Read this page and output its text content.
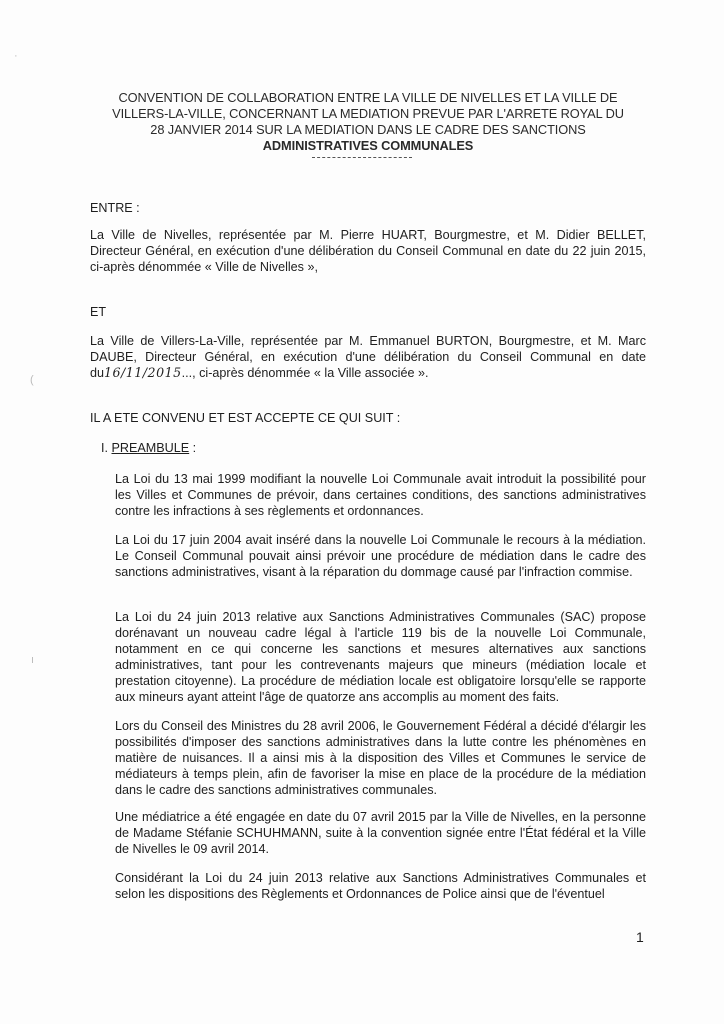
·
(
ı
CONVENTION DE COLLABORATION ENTRE LA VILLE DE NIVELLES ET LA VILLE DE
VILLERS-LA-VILLE, CONCERNANT LA MEDIATION PREVUE PAR L'ARRETE ROYAL DU
28 JANVIER 2014 SUR LA MEDIATION DANS LE CADRE DES SANCTIONS
ADMINISTRATIVES COMMUNALES
ENTRE :
La Ville de Nivelles, représentée par M. Pierre HUART, Bourgmestre, et M. Didier BELLET, Directeur Général, en exécution d'une délibération du Conseil Communal en date du 22 juin 2015, ci-après dénommée « Ville de Nivelles »,
ET
La Ville de Villers-La-Ville, représentée par M. Emmanuel BURTON, Bourgmestre, et M. Marc DAUBE, Directeur Général, en exécution d'une délibération du Conseil Communal en date du16/11/2015..., ci-après dénommée « la Ville associée ».
IL A ETE CONVENU ET EST ACCEPTE CE QUI SUIT :
I. PREAMBULE :
La Loi du 13 mai 1999 modifiant la nouvelle Loi Communale avait introduit la possibilité pour les Villes et Communes de prévoir, dans certaines conditions, des sanctions administratives contre les infractions à ses règlements et ordonnances.
La Loi du 17 juin 2004 avait inséré dans la nouvelle Loi Communale le recours à la médiation. Le Conseil Communal pouvait ainsi prévoir une procédure de médiation dans le cadre des sanctions administratives, visant à la réparation du dommage causé par l'infraction commise.
La Loi du 24 juin 2013 relative aux Sanctions Administratives Communales (SAC) propose dorénavant un nouveau cadre légal à l'article 119 bis de la nouvelle Loi Communale, notamment en ce qui concerne les sanctions et mesures alternatives aux sanctions administratives, tant pour les contrevenants majeurs que mineurs (médiation locale et prestation citoyenne). La procédure de médiation locale est obligatoire lorsqu'elle se rapporte aux mineurs ayant atteint l'âge de quatorze ans accomplis au moment des faits.
Lors du Conseil des Ministres du 28 avril 2006, le Gouvernement Fédéral a décidé d'élargir les possibilités d'imposer des sanctions administratives dans la lutte contre les phénomènes en matière de nuisances. Il a ainsi mis à la disposition des Villes et Communes le service de médiateurs à temps plein, afin de favoriser la mise en place de la procédure de la médiation dans le cadre des sanctions administratives communales.
Une médiatrice a été engagée en date du 07 avril 2015 par la Ville de Nivelles, en la personne de Madame Stéfanie SCHUHMANN, suite à la convention signée entre l'État fédéral et la Ville de Nivelles le 09 avril 2014.
Considérant la Loi du 24 juin 2013 relative aux Sanctions Administratives Communales et selon les dispositions des Règlements et Ordonnances de Police ainsi que de l'éventuel
1
